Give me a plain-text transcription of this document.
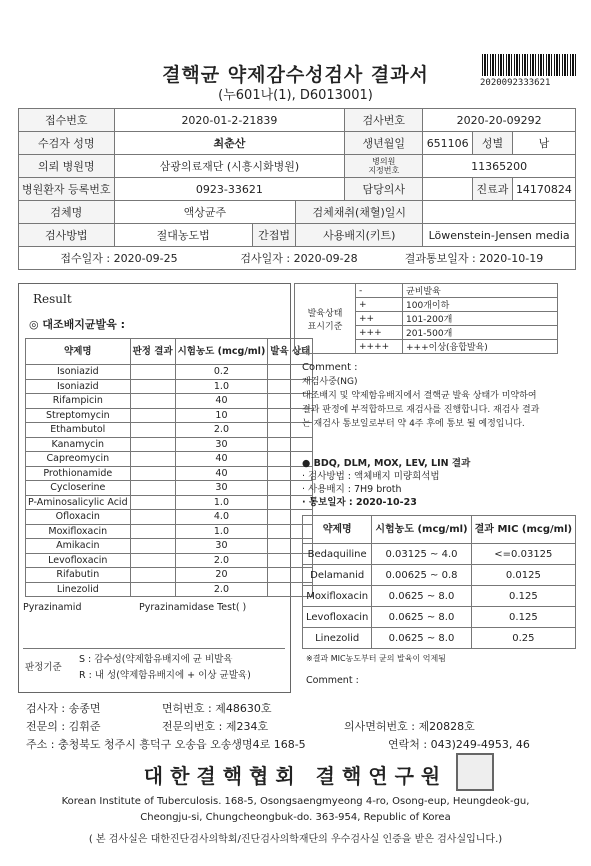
결핵균 약제감수성검사 결과서
(누601나(1), D6013001)
2020092333621
접수번호	2020-01-2-21839			검사번호	2020-20-09292		
수검자 성명	최춘산			생년월일	651106	성별	남
의뢰 병원명	삼광의료재단 (시흥시화병원)			병의원
지정번호	11365200		
병원환자 등록번호	0923-33621			담당의사		진료과	14170824
검체명	액상균주		검체채취(채혈)일시				
검사방법	절대농도법	간접법	사용배지(키트)		Löwenstein-Jensen media		
접수일자 : 2020-09-25 검사일자 : 2020-09-28 결과통보일자 : 2020-10-19							
Result
◎ 대조배지균발육 :
약제명	판정 결과	시험농도 (mcg/ml)	발육 상태
Isoniazid		0.2	
Isoniazid		1.0	
Rifampicin		40	
Streptomycin		10	
Ethambutol		2.0	
Kanamycin		30	
Capreomycin		40	
Prothionamide		40	
Cycloserine		30	
P-Aminosalicylic Acid		1.0	
Ofloxacin		4.0	
Moxifloxacin		1.0	
Amikacin		30	
Levofloxacin		2.0	
Rifabutin		20	
Linezolid		2.0	
Pyrazinamid	Pyrazinamidase Test( )
판정기준
S : 감수성(약제함유배지에 균 비발육
R : 내 성(약제함유배지에 + 이상 균발육)
발육상태
표시기준	-	균비발육
	+	100개이하
	++	101-200개
	+++	201-500개
	++++	+++이상(융합발육)
Comment :
재검사중(NG)
대조배지 및 약제함유배지에서 결핵균 발육 상태가 미약하여
결과 판정에 부적합하므로 재검사를 진행합니다. 재검사 결과
는 재검사 통보일로부터 약 4주 후에 통보 될 예정입니다.
● BDQ, DLM, MOX, LEV, LIN 결과
· 검사방법 : 액체배지 미량희석법
· 사용배지 : 7H9 broth
· 통보일자 : 2020-10-23
약제명	시험농도 (mcg/ml)	결과 MIC (mcg/ml)
Bedaquiline	0.03125 ~ 4.0	<=0.03125
Delamanid	0.00625 ~ 0.8	0.0125
Moxifloxacin	0.0625 ~ 8.0	0.125
Levofloxacin	0.0625 ~ 8.0	0.125
Linezolid	0.0625 ~ 8.0	0.25
※결과 MIC농도부터 균의 발육이 억제됨
Comment :
검사자 : 송종면	면허번호 : 제48630호
전문의 : 김휘준	전문의번호 : 제234호	의사면허번호 : 제20828호
주소 : 충청북도 청주시 흥덕구 오송읍 오송생명4로 168-5	연락처 : 043)249-4953, 46
대한결핵협회 결핵연구원
Korean Institute of Tuberculosis. 168-5, Osongsaengmyeong 4-ro, Osong-eup, Heungdeok-gu,
Cheongju-si, Chungcheongbuk-do. 363-954, Republic of Korea
( 본 검사실은 대한진단검사의학회/진단검사의학재단의 우수검사실 인증을 받은 검사실입니다.)
